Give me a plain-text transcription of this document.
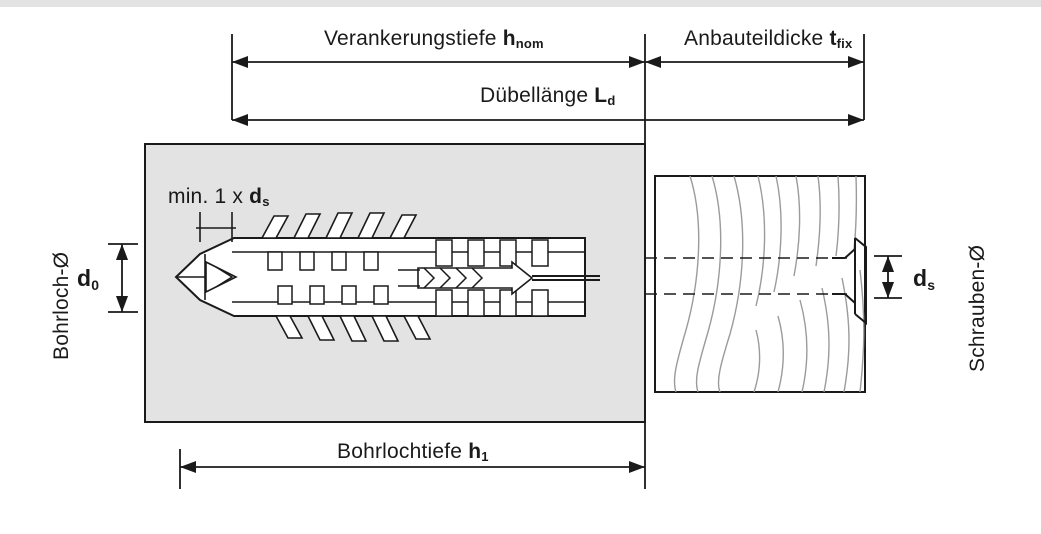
Verankerungstiefe $h_{nom}$	Anbauteildicke $t_{fix}$
Dübellänge $L_d$
Bohrlochtiefe $h_1$
min. 1 x $d_s$
$d_0$	$d_s$
Bohrloch-Ø	Schrauben-Ø
